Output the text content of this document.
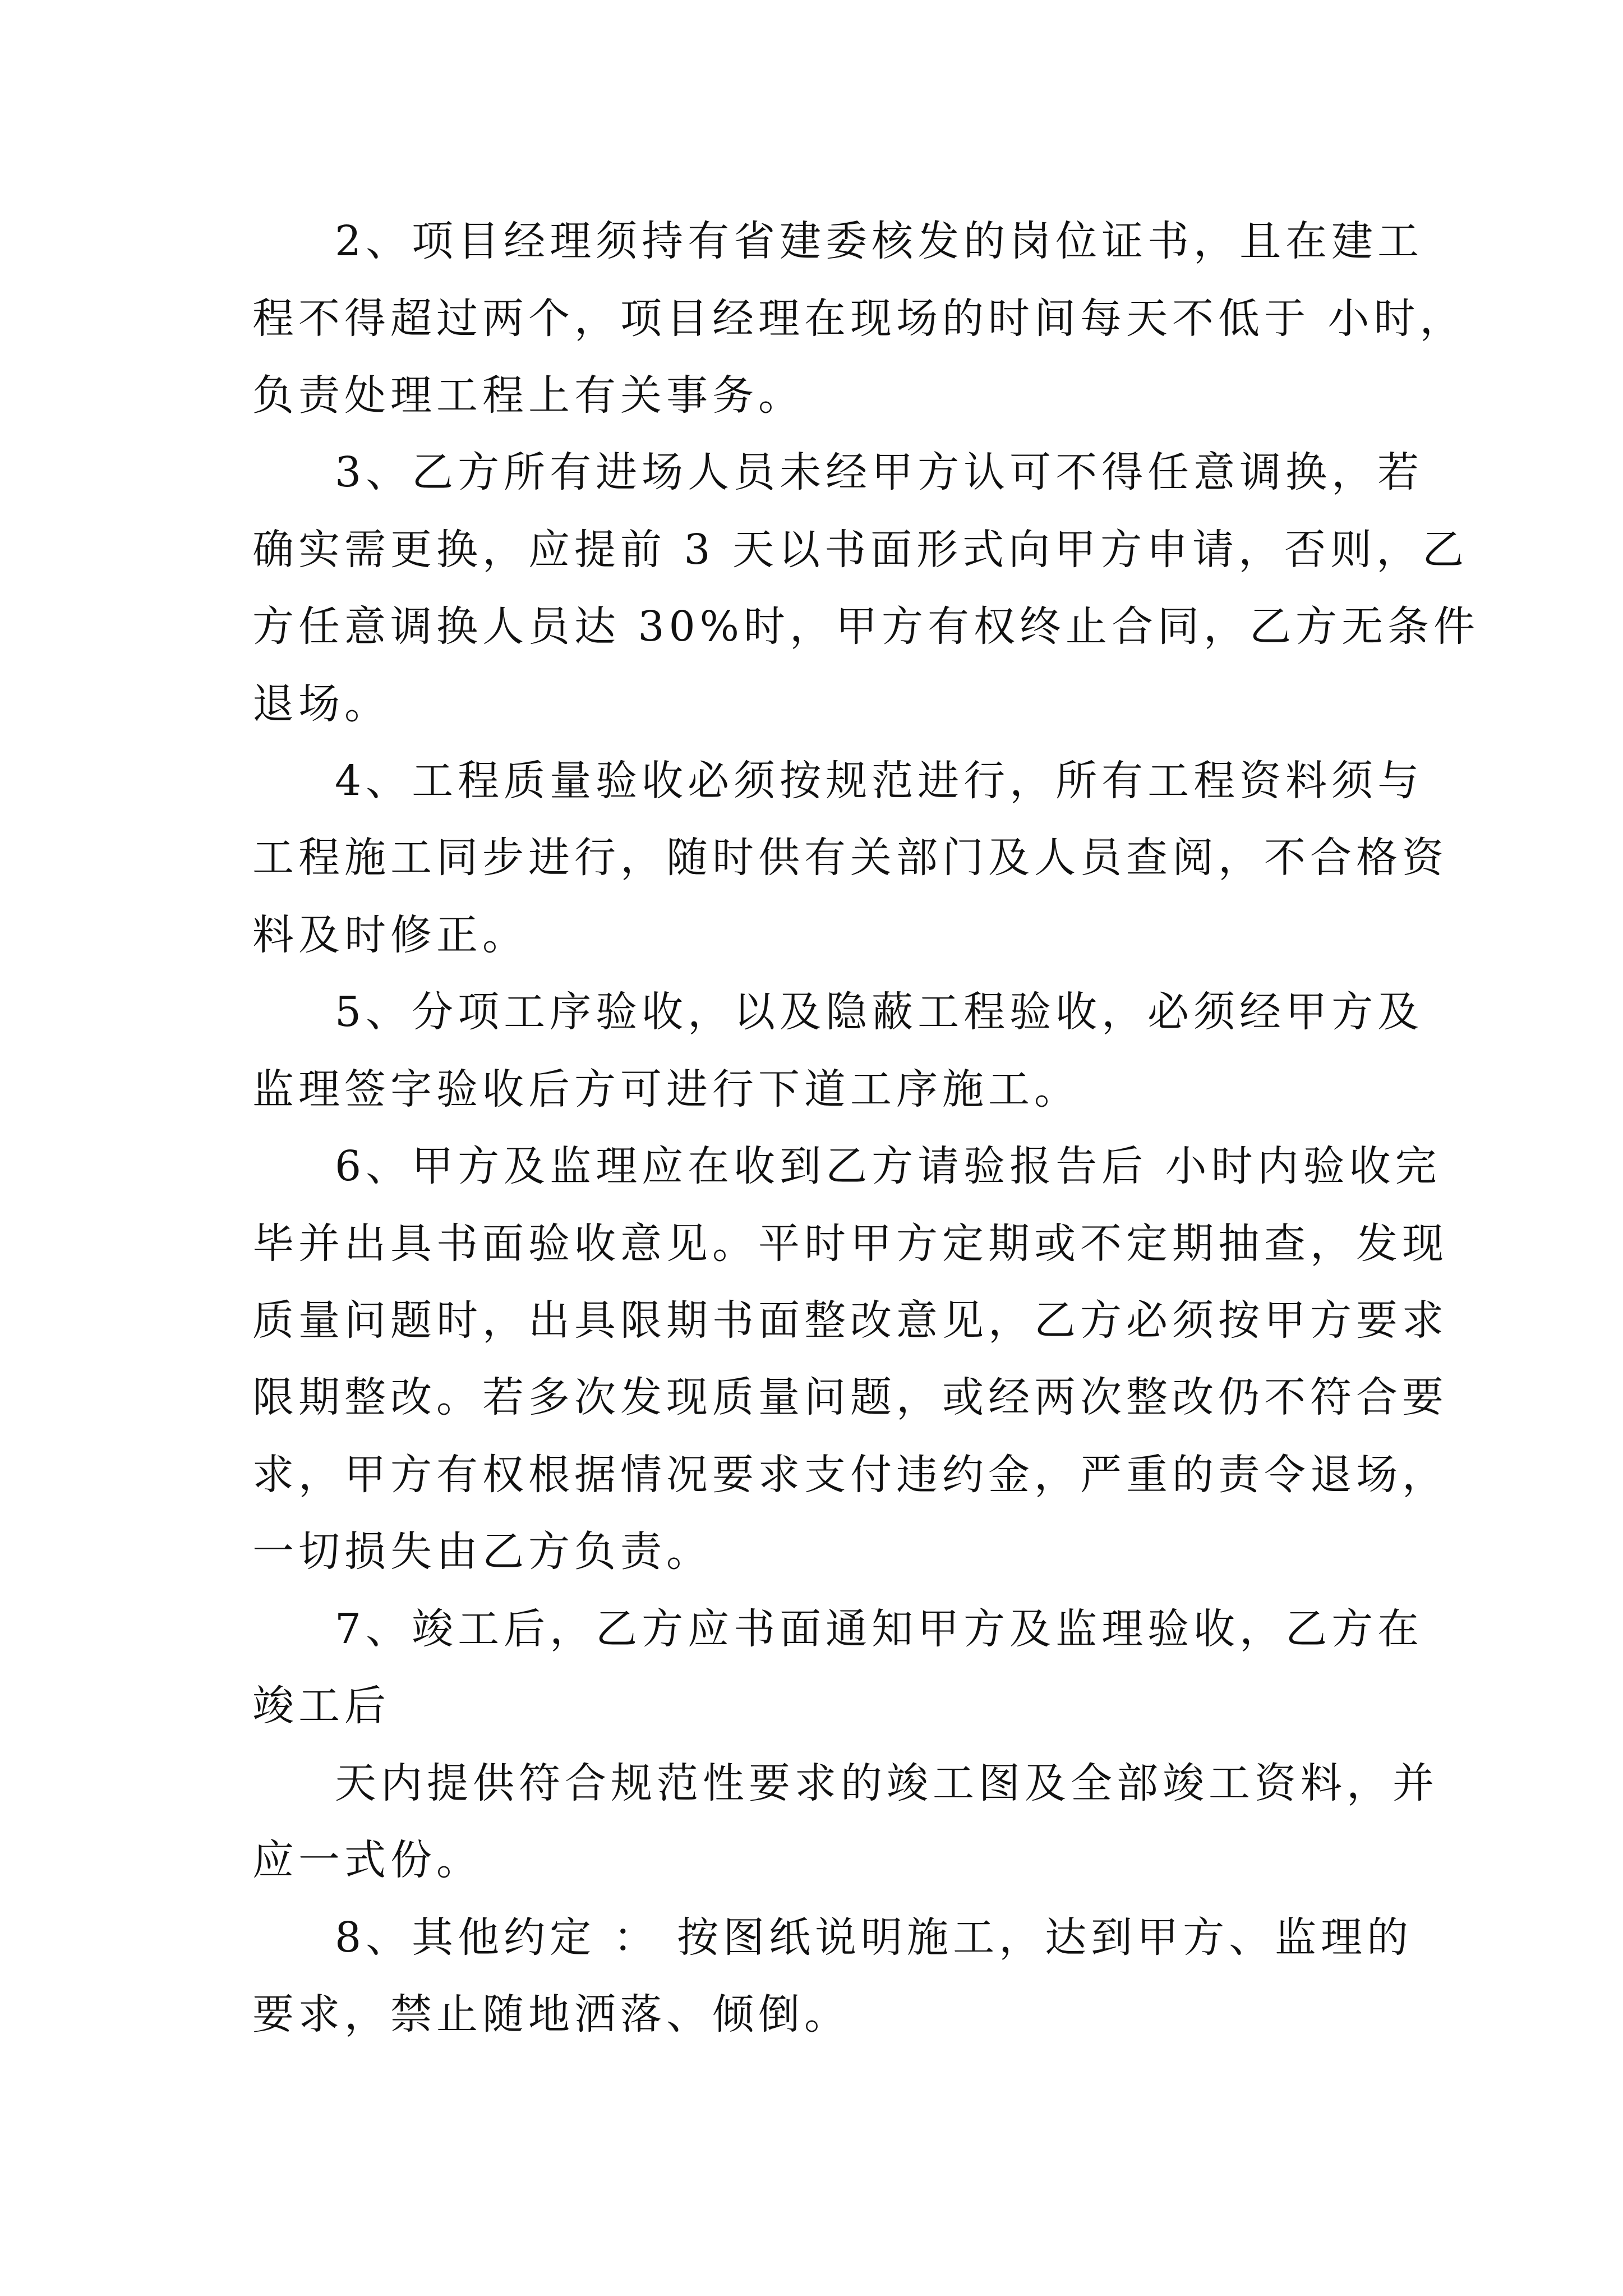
2、项目经理须持有省建委核发的岗位证书，且在建工

程不得超过两个，项目经理在现场的时间每天不低于 小时，

负责处理工程上有关事务。

3、乙方所有进场人员未经甲方认可不得任意调换，若

确实需更换，应提前 3 天以书面形式向甲方申请，否则，乙

方任意调换人员达 30%时，甲方有权终止合同，乙方无条件

退场。

4、工程质量验收必须按规范进行，所有工程资料须与

工程施工同步进行，随时供有关部门及人员查阅，不合格资

料及时修正。

5、分项工序验收，以及隐蔽工程验收，必须经甲方及

监理签字验收后方可进行下道工序施工。

6、甲方及监理应在收到乙方请验报告后 小时内验收完

毕并出具书面验收意见。平时甲方定期或不定期抽查，发现

质量问题时，出具限期书面整改意见，乙方必须按甲方要求

限期整改。若多次发现质量问题，或经两次整改仍不符合要

求，甲方有权根据情况要求支付违约金，严重的责令退场，

一切损失由乙方负责。

7、竣工后，乙方应书面通知甲方及监理验收，乙方在

竣工后

天内提供符合规范性要求的竣工图及全部竣工资料，并

应一式份。

8、其他约定 ： 按图纸说明施工，达到甲方、监理的

要求，禁止随地洒落、倾倒。
